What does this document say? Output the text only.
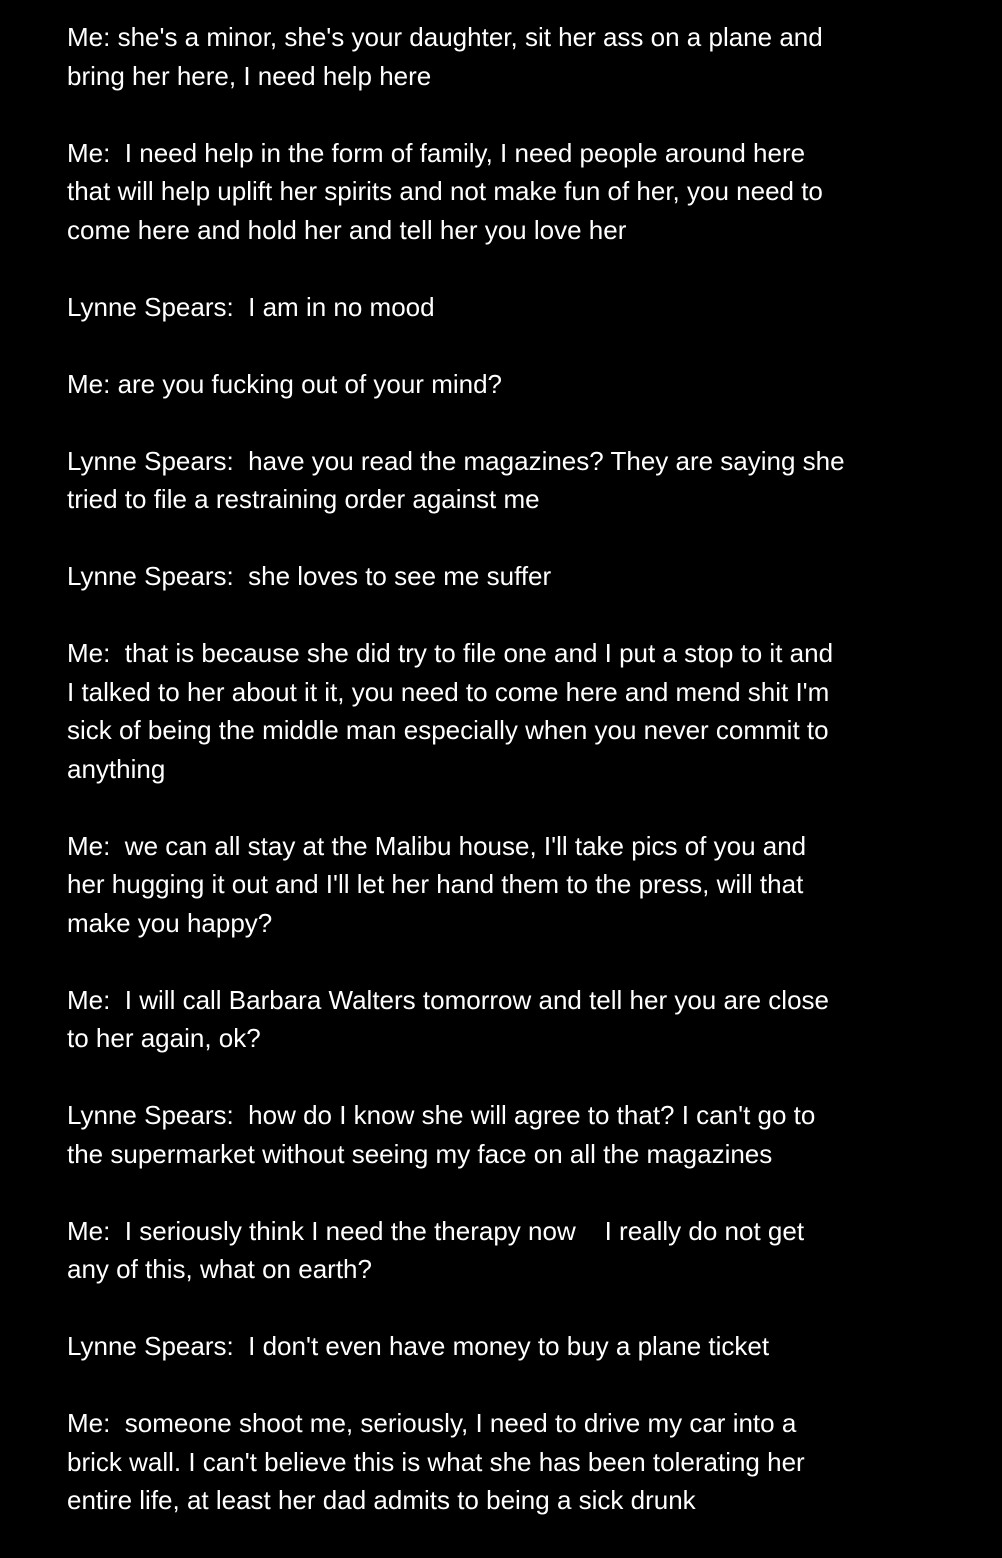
Me: she's a minor, she's your daughter, sit her ass on a plane and
bring her here, I need help here

Me:  I need help in the form of family, I need people around here
that will help uplift her spirits and not make fun of her, you need to
come here and hold her and tell her you love her

Lynne Spears:  I am in no mood

Me: are you fucking out of your mind?

Lynne Spears:  have you read the magazines? They are saying she
tried to file a restraining order against me

Lynne Spears:  she loves to see me suffer

Me:  that is because she did try to file one and I put a stop to it and
I talked to her about it it, you need to come here and mend shit I'm
sick of being the middle man especially when you never commit to
anything

Me:  we can all stay at the Malibu house, I'll take pics of you and
her hugging it out and I'll let her hand them to the press, will that
make you happy?

Me:  I will call Barbara Walters tomorrow and tell her you are close
to her again, ok?

Lynne Spears:  how do I know she will agree to that? I can't go to
the supermarket without seeing my face on all the magazines

Me:  I seriously think I need the therapy now    I really do not get
any of this, what on earth?

Lynne Spears:  I don't even have money to buy a plane ticket

Me:  someone shoot me, seriously, I need to drive my car into a
brick wall. I can't believe this is what she has been tolerating her
entire life, at least her dad admits to being a sick drunk
